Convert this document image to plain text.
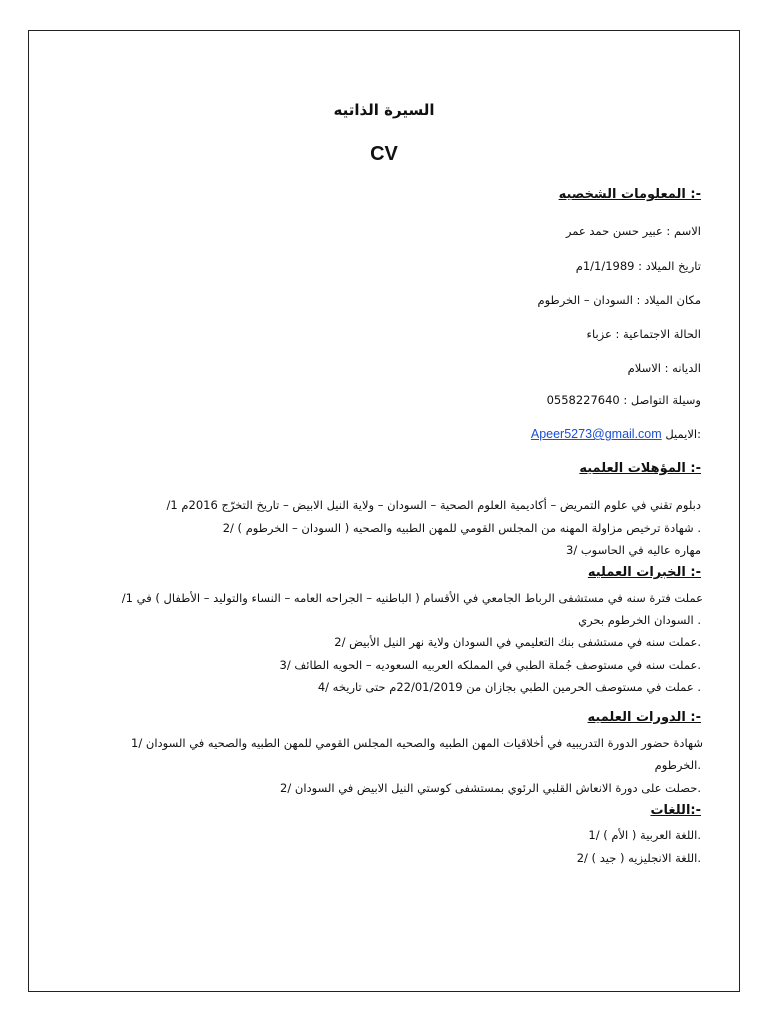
السيرة الذاتيه
CV
-: المعلومات الشخصيه
الاسم : عبير حسن حمد عمر
تاريخ الميلاد : 1/1/1989م
مكان الميلاد : السودان – الخرطوم
الحالة الاجتماعية : عزباء
الديانه : الاسلام
وسيلة التواصل : 0558227640
:الايميل Apeer5273@gmail.com
-: المؤهلات العلميه
دبلوم تقني في علوم التمريض – أكاديمية العلوم الصحية – السودان – ولاية النيل الابيض – تاريخ التخرّج 2016م 1/
. شهادة ترخيص مزاولة المهنه من المجلس القومي للمهن الطبيه والصحيه ( السودان – الخرطوم ) /2
مهاره عاليه في الحاسوب /3
-: الخبرات العمليه
عملت فترة سنه في مستشفى الرباط الجامعي في الأقسام ( الباطنيه – الجراحه العامه – النساء والتوليد – الأطفال ) في 1/
. السودان الخرطوم بحري
.عملت سنه في مستشفى بنك التعليمي في السودان ولاية نهر النيل الأبيض /2
.عملت سنه في مستوصف جُملة الطبي في المملكه العربيه السعوديه – الحويه الطائف /3
. عملت في مستوصف الحرمين الطبي بجازان من 22/01/2019م حتى تاريخه /4
-: الدورات العلميه
شهادة حضور الدورة التدريبيه في أخلاقيات المهن الطبيه والصحيه المجلس القومي للمهن الطبيه والصحيه في السودان /1
.الخرطوم
.حصلت على دورة الانعاش القلبي الرئوي بمستشفى كوستي النيل الابيض في السودان /2
-:اللغات
.اللغة العربية ( الأم ) /1
.اللغة الانجليزيه ( جيد ) /2
